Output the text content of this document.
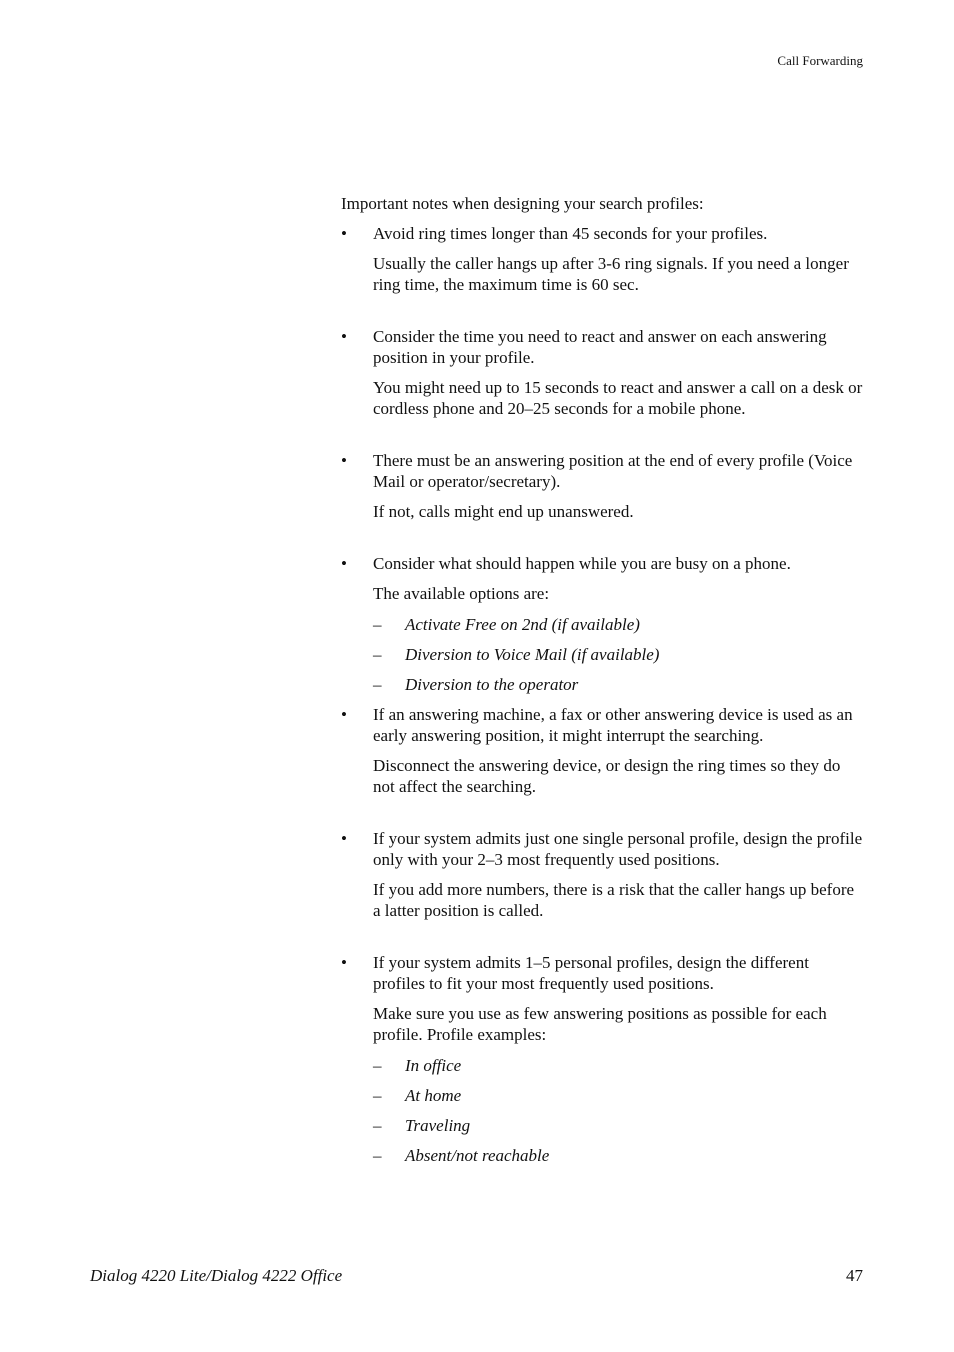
Call Forwarding

Important notes when designing your search profiles:

•	Avoid ring times longer than 45 seconds for your profiles.

Usually the caller hangs up after 3-6 ring signals. If you need a longer ring time, the maximum time is 60 sec.

•	Consider the time you need to react and answer on each answering position in your profile.

You might need up to 15 seconds to react and answer a call on a desk or cordless phone and 20–25 seconds for a mobile phone.

•	There must be an answering position at the end of every profile (Voice Mail or operator/secretary).

If not, calls might end up unanswered.

•	Consider what should happen while you are busy on a phone.

The available options are:

– Activate Free on 2nd (if available)
– Diversion to Voice Mail (if available)
– Diversion to the operator
•	If an answering machine, a fax or other answering device is used as an early answering position, it might interrupt the searching.

Disconnect the answering device, or design the ring times so they do not affect the searching.

•	If your system admits just one single personal profile, design the profile only with your 2–3 most frequently used positions.

If you add more numbers, there is a risk that the caller hangs up before a latter position is called.

•	If your system admits 1–5 personal profiles, design the different profiles to fit your most frequently used positions.

Make sure you use as few answering positions as possible for each profile. Profile examples:

– In office
– At home
– Traveling
– Absent/not reachable
Dialog 4220 Lite/Dialog 4222 Office	47
